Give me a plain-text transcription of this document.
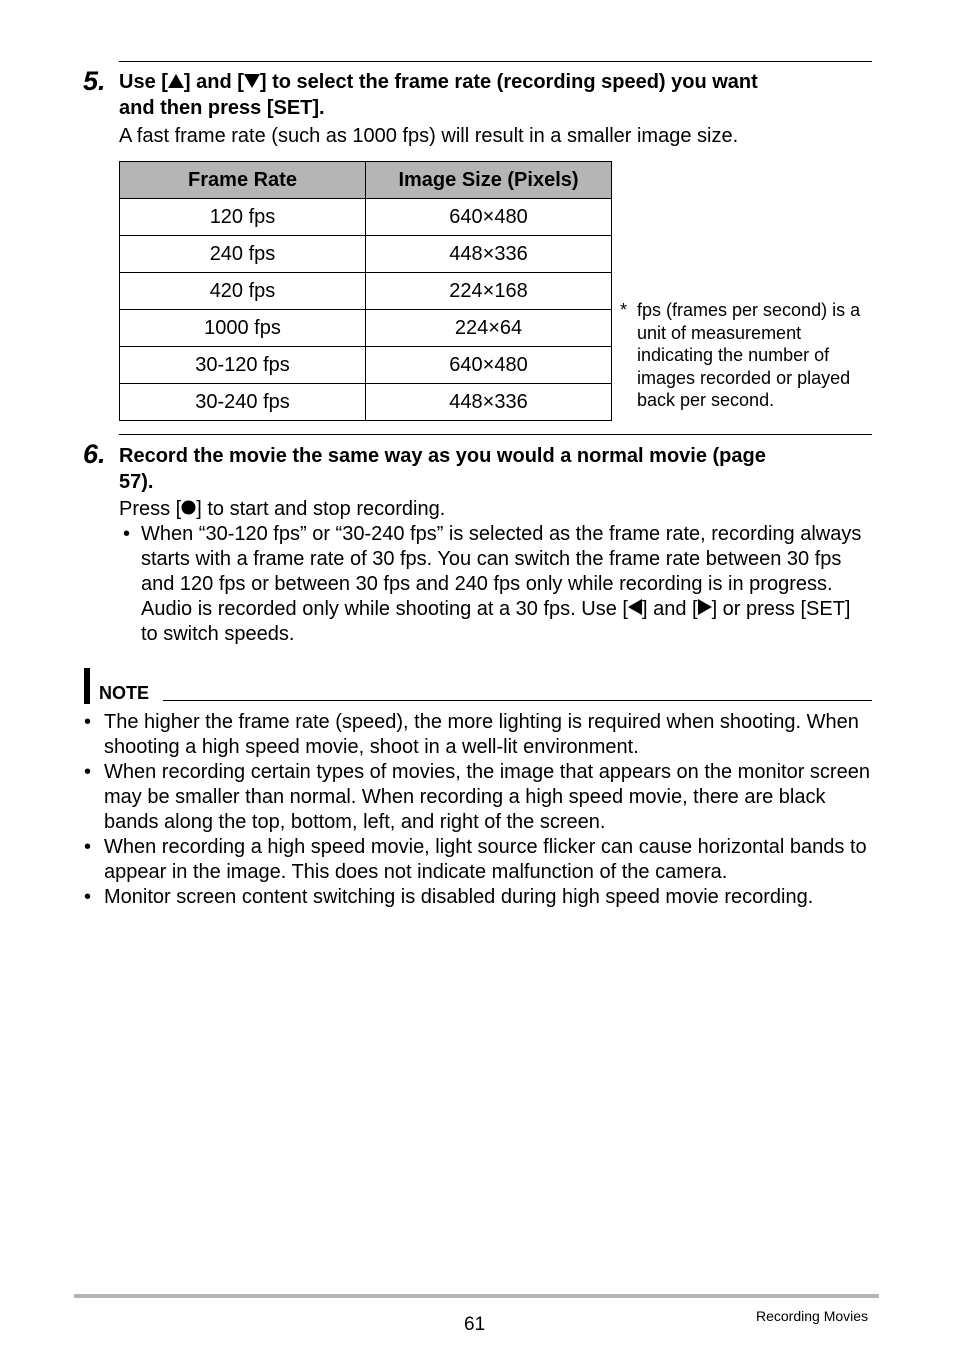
5. Use [ ] and [ ] to select the frame rate (recording speed) you want
and then press [SET].
A fast frame rate (such as 1000 fps) will result in a smaller image size.
Frame Rate	Image Size (Pixels)
120 fps	640×480
240 fps	448×336
420 fps	224×168
1000 fps	224×64
30-120 fps	640×480
30-240 fps	448×336
* fps (frames per second) is a unit of measurement indicating the number of images recorded or played back per second.
6. Record the movie the same way as you would a normal movie (page
57).
Press [ ] to start and stop recording.
• When “30-120 fps” or “30-240 fps” is selected as the frame rate, recording always starts with a frame rate of 30 fps. You can switch the frame rate between 30 fps and 120 fps or between 30 fps and 240 fps only while recording is in progress. Audio is recorded only while shooting at a 30 fps. Use [ ] and [ ] or press [SET] to switch speeds.
NOTE
• The higher the frame rate (speed), the more lighting is required when shooting. When shooting a high speed movie, shoot in a well-lit environment.
• When recording certain types of movies, the image that appears on the monitor screen may be smaller than normal. When recording a high speed movie, there are black bands along the top, bottom, left, and right of the screen.
• When recording a high speed movie, light source flicker can cause horizontal bands to appear in the image. This does not indicate malfunction of the camera.
• Monitor screen content switching is disabled during high speed movie recording.
61	Recording Movies
